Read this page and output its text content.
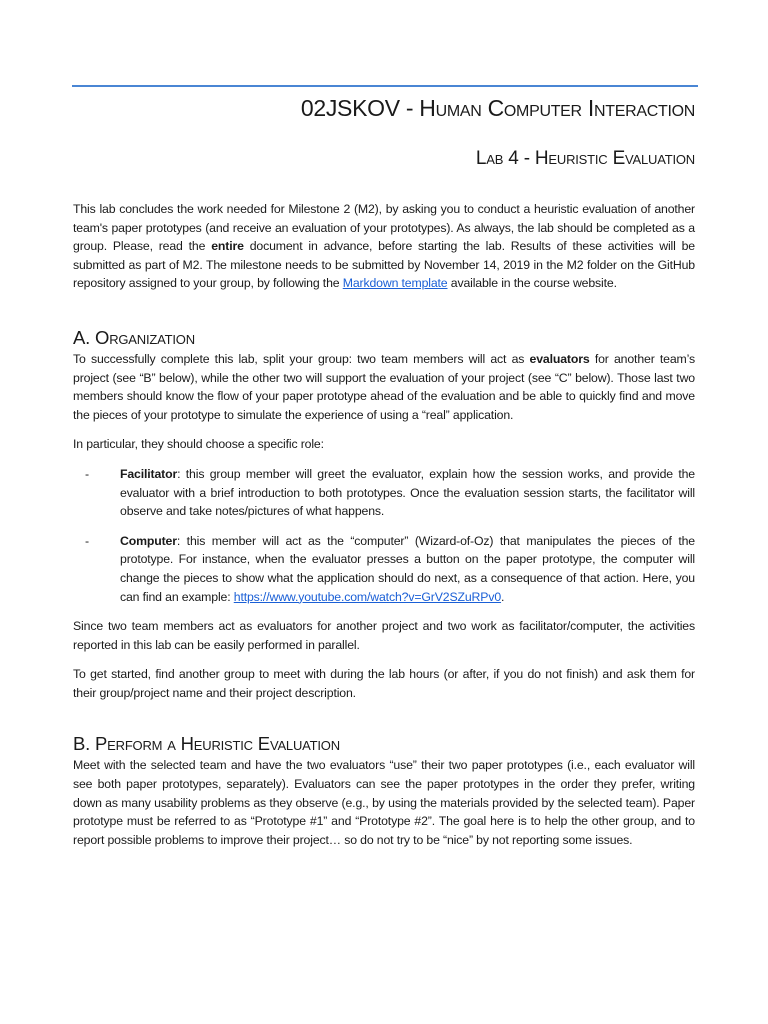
02JSKOV - Human Computer Interaction
Lab 4 - Heuristic Evaluation

This lab concludes the work needed for Milestone 2 (M2), by asking you to conduct a heuristic evaluation of another team's paper prototypes (and receive an evaluation of your prototypes). As always, the lab should be completed as a group. Please, read the entire document in advance, before starting the lab. Results of these activities will be submitted as part of M2. The milestone needs to be submitted by November 14, 2019 in the M2 folder on the GitHub repository assigned to your group, by following the Markdown template available in the course website.

A. Organization

To successfully complete this lab, split your group: two team members will act as evaluators for another team’s project (see “B” below), while the other two will support the evaluation of your project (see “C” below). Those last two members should know the flow of your paper prototype ahead of the evaluation and be able to quickly find and move the pieces of your prototype to simulate the experience of using a “real” application.

In particular, they should choose a specific role:

-	Facilitator: this group member will greet the evaluator, explain how the session works, and provide the evaluator with a brief introduction to both prototypes. Once the evaluation session starts, the facilitator will observe and take notes/pictures of what happens.

-	Computer: this member will act as the “computer” (Wizard-of-Oz) that manipulates the pieces of the prototype. For instance, when the evaluator presses a button on the paper prototype, the computer will change the pieces to show what the application should do next, as a consequence of that action. Here, you can find an example: https://www.youtube.com/watch?v=GrV2SZuRPv0.

Since two team members act as evaluators for another project and two work as facilitator/computer, the activities reported in this lab can be easily performed in parallel.

To get started, find another group to meet with during the lab hours (or after, if you do not finish) and ask them for their group/project name and their project description.

B. Perform a Heuristic Evaluation

Meet with the selected team and have the two evaluators “use” their two paper prototypes (i.e., each evaluator will see both paper prototypes, separately). Evaluators can see the paper prototypes in the order they prefer, writing down as many usability problems as they observe (e.g., by using the materials provided by the selected team). Paper prototype must be referred to as “Prototype #1” and “Prototype #2”. The goal here is to help the other group, and to report possible problems to improve their project… so do not try to be “nice” by not reporting some issues.
